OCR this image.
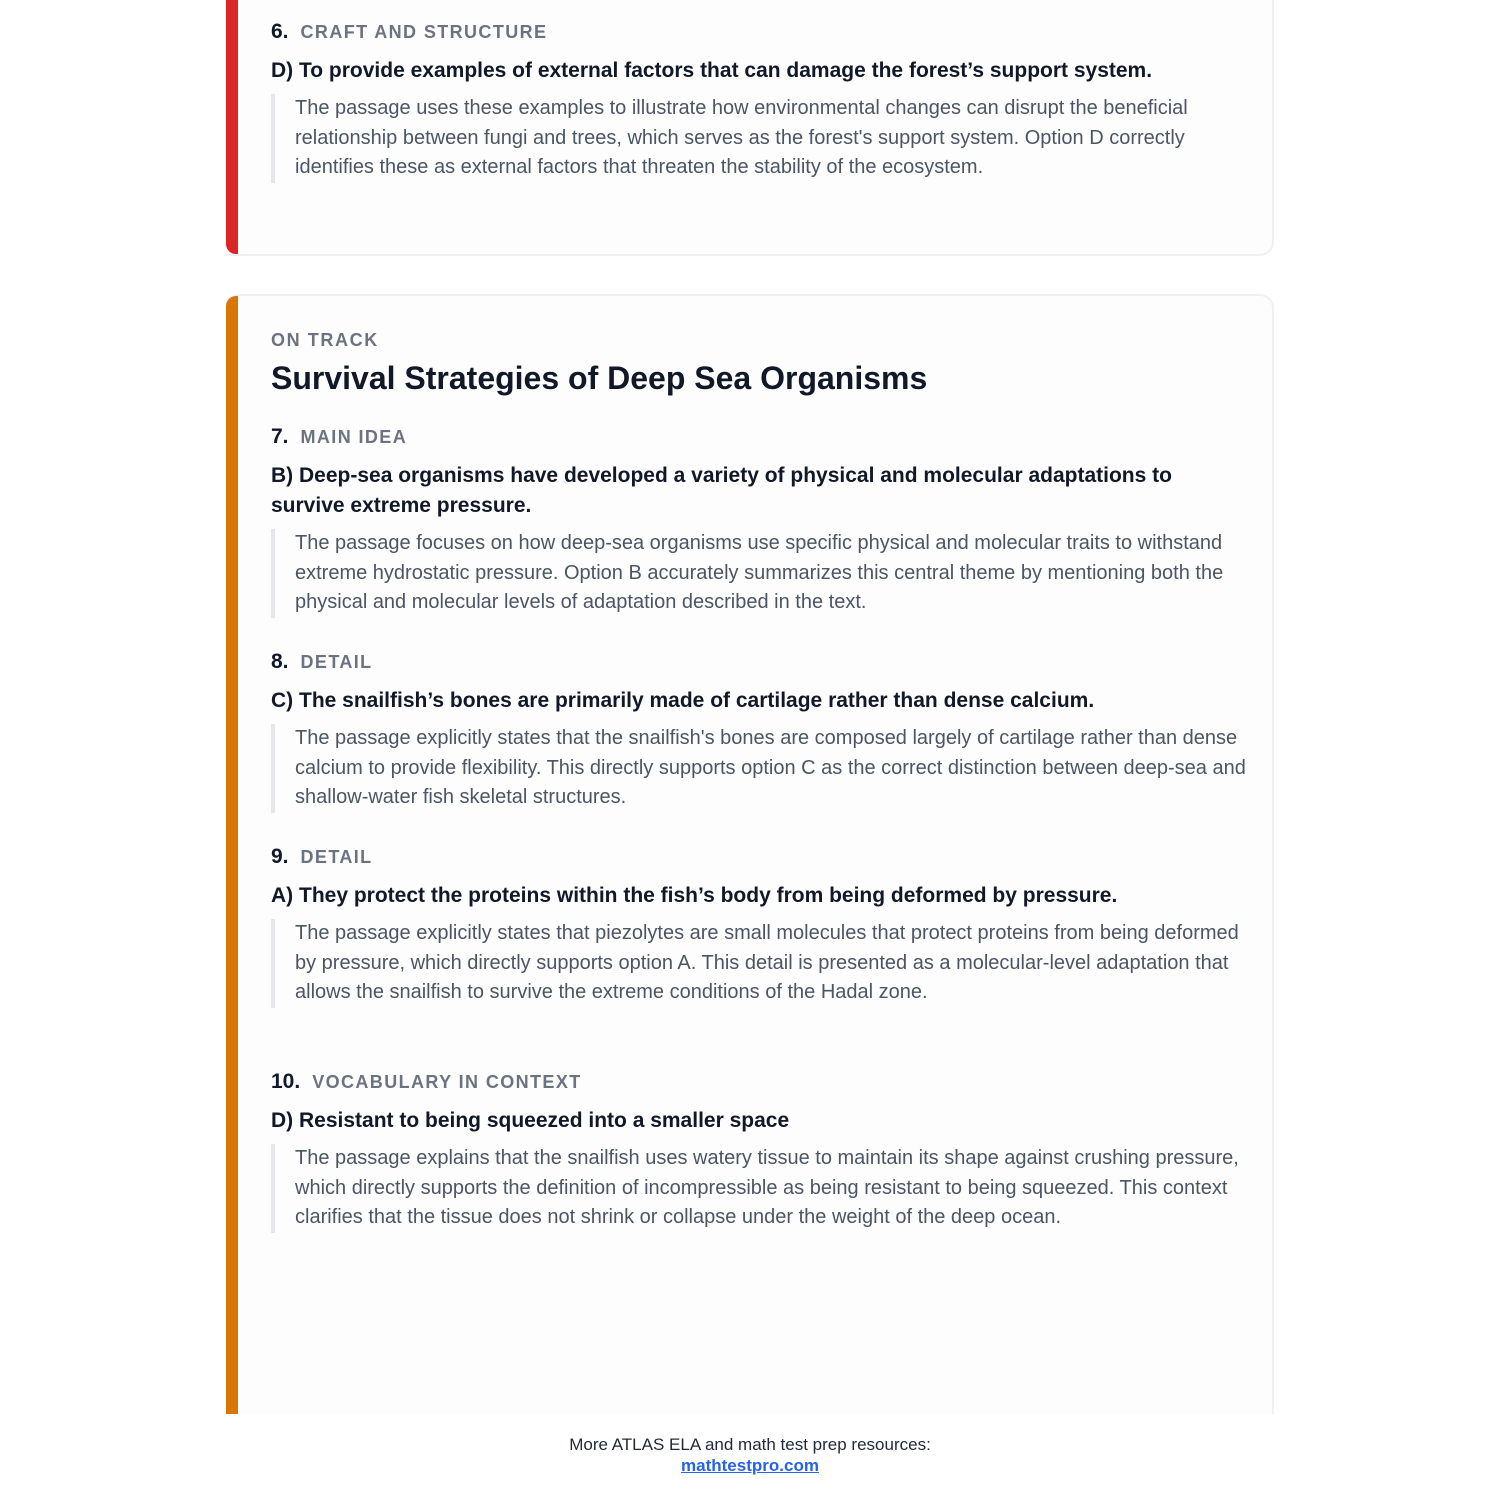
6. CRAFT AND STRUCTURE
D) To provide examples of external factors that can damage the forest’s support system.
The passage uses these examples to illustrate how environmental changes can disrupt the beneficial relationship between fungi and trees, which serves as the forest's support system. Option D correctly identifies these as external factors that threaten the stability of the ecosystem.
ON TRACK
Survival Strategies of Deep Sea Organisms
7. MAIN IDEA
B) Deep-sea organisms have developed a variety of physical and molecular adaptations to survive extreme pressure.
The passage focuses on how deep-sea organisms use specific physical and molecular traits to withstand extreme hydrostatic pressure. Option B accurately summarizes this central theme by mentioning both the physical and molecular levels of adaptation described in the text.
8. DETAIL
C) The snailfish’s bones are primarily made of cartilage rather than dense calcium.
The passage explicitly states that the snailfish's bones are composed largely of cartilage rather than dense calcium to provide flexibility. This directly supports option C as the correct distinction between deep-sea and shallow-water fish skeletal structures.
9. DETAIL
A) They protect the proteins within the fish’s body from being deformed by pressure.
The passage explicitly states that piezolytes are small molecules that protect proteins from being deformed by pressure, which directly supports option A. This detail is presented as a molecular-level adaptation that allows the snailfish to survive the extreme conditions of the Hadal zone.
10. VOCABULARY IN CONTEXT
D) Resistant to being squeezed into a smaller space
The passage explains that the snailfish uses watery tissue to maintain its shape against crushing pressure, which directly supports the definition of incompressible as being resistant to being squeezed. This context clarifies that the tissue does not shrink or collapse under the weight of the deep ocean.
More ATLAS ELA and math test prep resources:
mathtestpro.com
